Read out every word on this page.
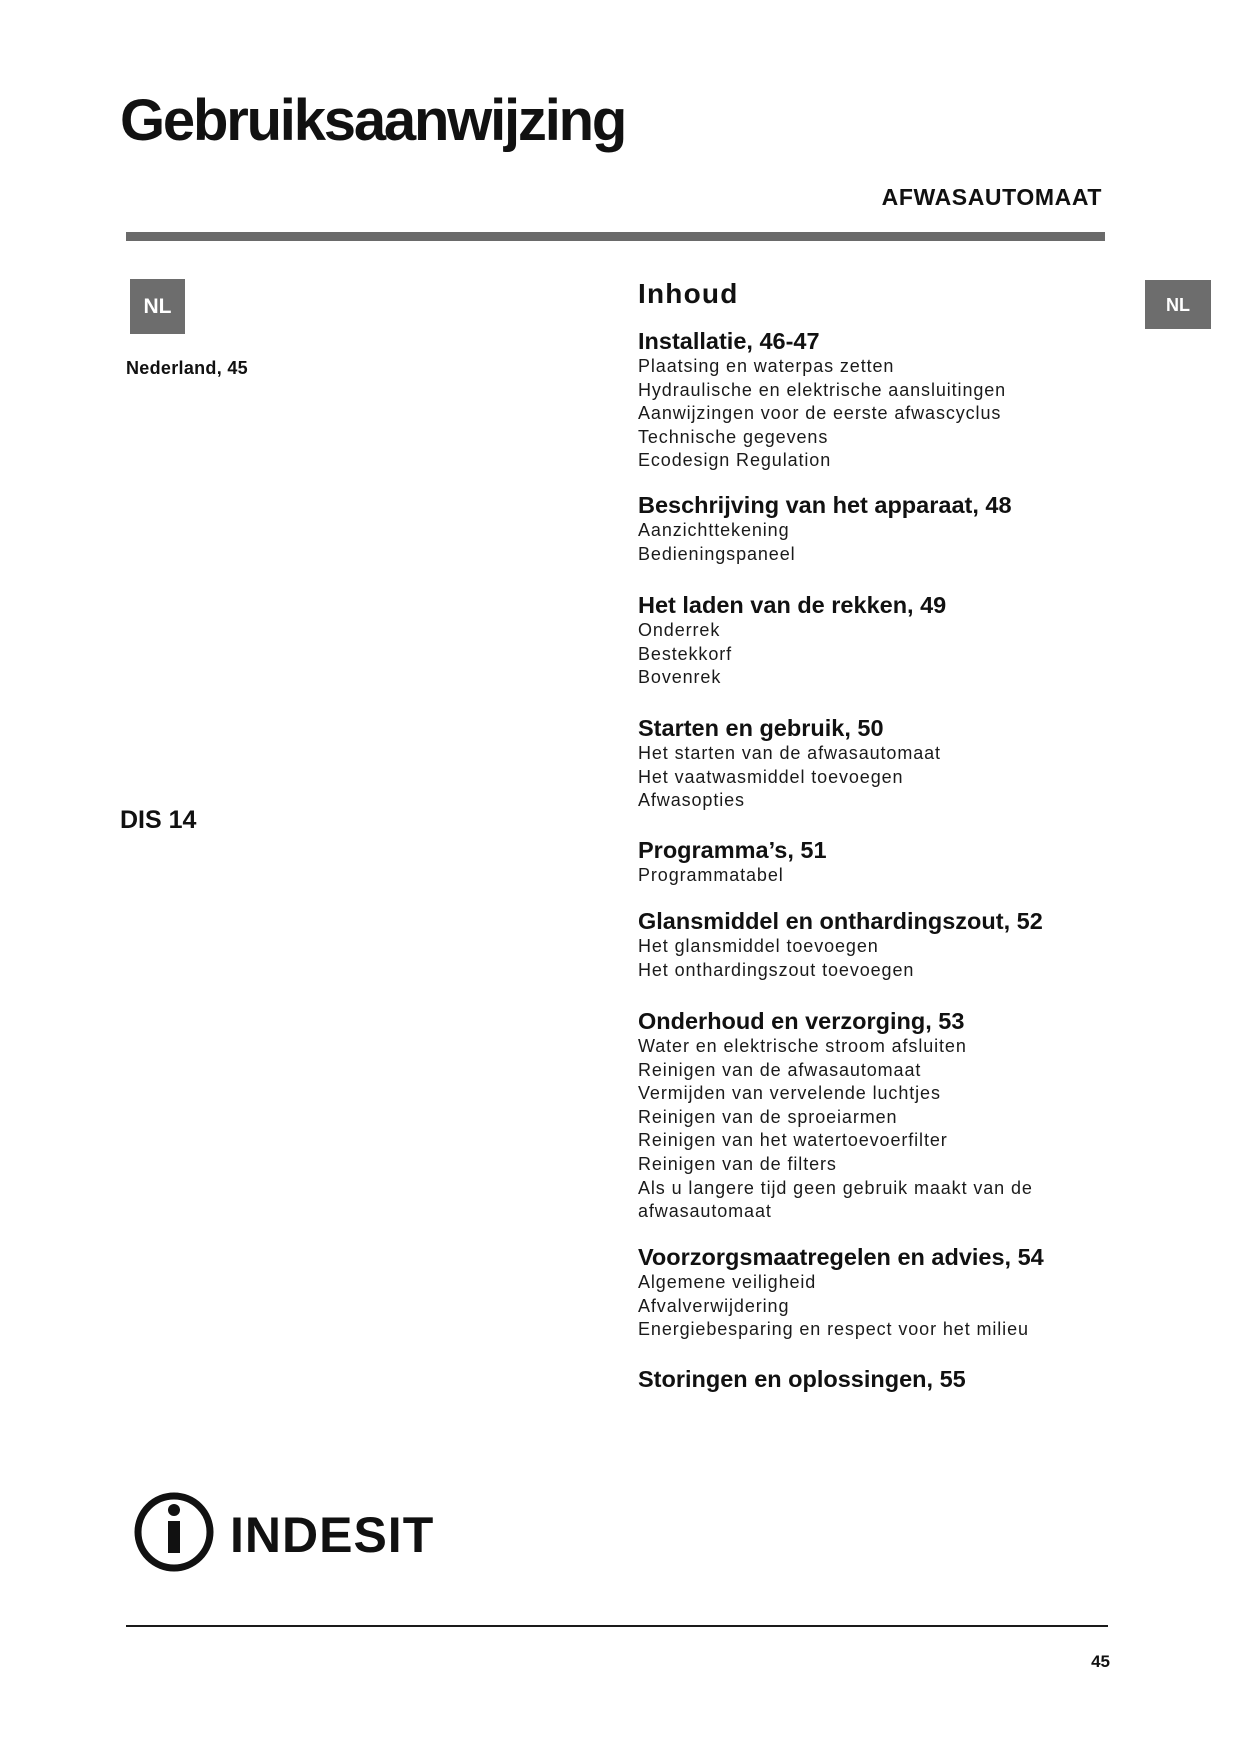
Gebruiksaanwijzing
AFWASAUTOMAAT
NL
Nederland, 45
DIS 14
NL
Inhoud
Installatie, 46-47
Plaatsing en waterpas zetten
Hydraulische en elektrische aansluitingen
Aanwijzingen voor de eerste afwascyclus
Technische gegevens
Ecodesign Regulation
Beschrijving van het apparaat, 48
Aanzichttekening
Bedieningspaneel
Het laden van de rekken, 49
Onderrek
Bestekkorf
Bovenrek
Starten en gebruik, 50
Het starten van de afwasautomaat
Het vaatwasmiddel toevoegen
Afwasopties
Programma’s, 51
Programmatabel
Glansmiddel en onthardingszout, 52
Het glansmiddel toevoegen
Het onthardingszout toevoegen
Onderhoud en verzorging, 53
Water en elektrische stroom afsluiten
Reinigen van de afwasautomaat
Vermijden van vervelende luchtjes
Reinigen van de sproeiarmen
Reinigen van het watertoevoerfilter
Reinigen van de filters
Als u langere tijd geen gebruik maakt van de afwasautomaat
Voorzorgsmaatregelen en advies, 54
Algemene veiligheid
Afvalverwijdering
Energiebesparing en respect voor het milieu
Storingen en oplossingen, 55
INDESIT
45
